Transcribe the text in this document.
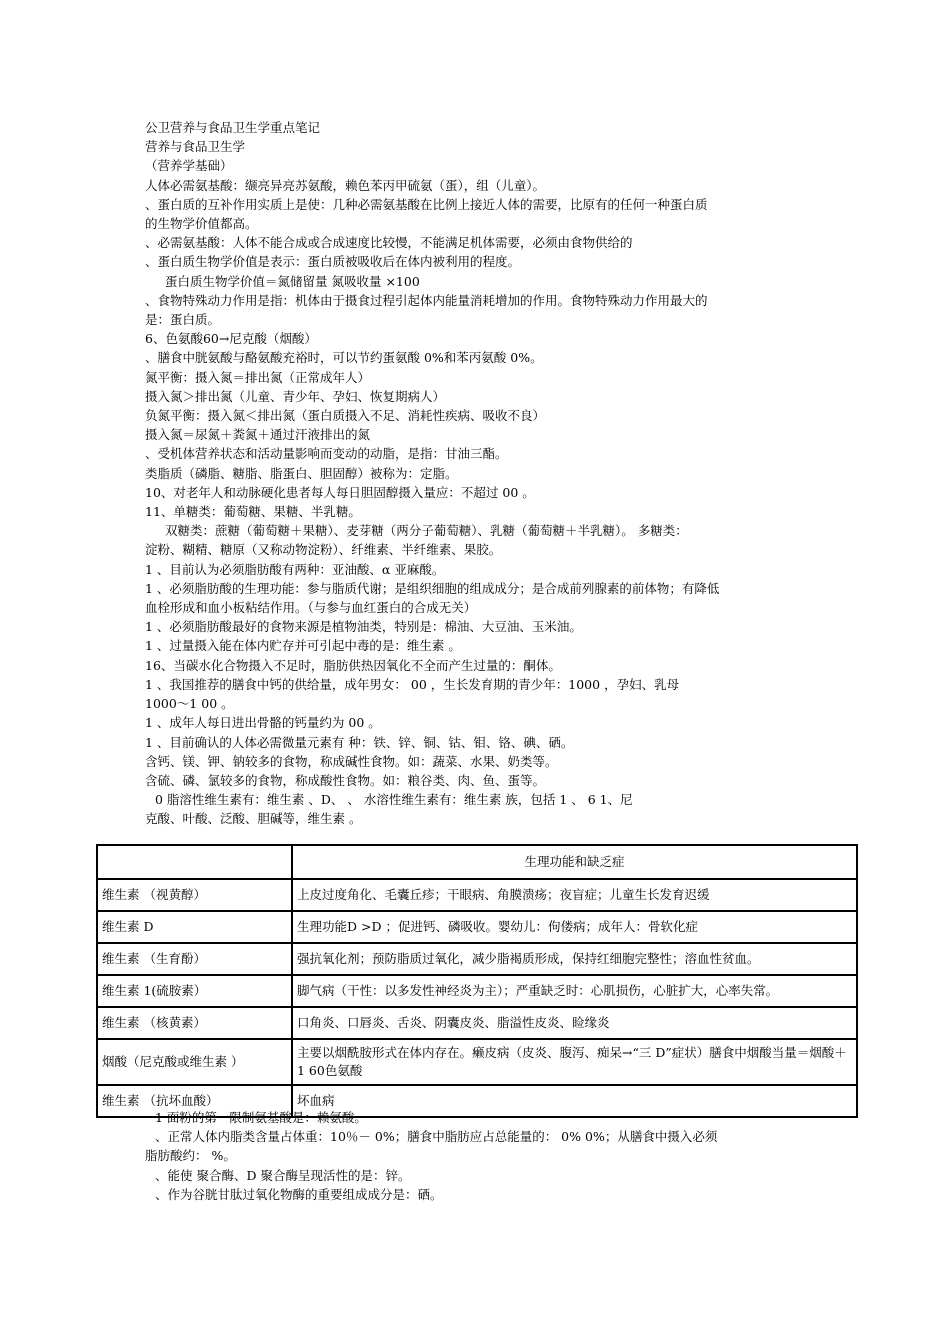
公卫营养与食品卫生学重点笔记
营养与食品卫生学
（营养学基础）
人体必需氨基酸：缬亮异亮苏氨酸，赖色苯丙甲硫氨（蛋），组（儿童）。
、蛋白质的互补作用实质上是使：几种必需氨基酸在比例上接近人体的需要，比原有的任何一种蛋白质
的生物学价值都高。
、必需氨基酸：人体不能合成或合成速度比较慢，不能满足机体需要，必须由食物供给的
、蛋白质生物学价值是表示：蛋白质被吸收后在体内被利用的程度。
蛋白质生物学价值＝氮储留量 氮吸收量 ×100
、食物特殊动力作用是指：机体由于摄食过程引起体内能量消耗增加的作用。食物特殊动力作用最大的
是：蛋白质。
6、色氨酸60→尼克酸（烟酸）
、膳食中胱氨酸与酪氨酸充裕时，可以节约蛋氨酸 0%和苯丙氨酸 0%。
氮平衡：摄入氮＝排出氮（正常成年人）
摄入氮＞排出氮（儿童、青少年、孕妇、恢复期病人）
负氮平衡：摄入氮＜排出氮（蛋白质摄入不足、消耗性疾病、吸收不良）
摄入氮＝尿氮＋粪氮＋通过汗液排出的氮
、受机体营养状态和活动量影响而变动的动脂，是指：甘油三酯。
类脂质（磷脂、糖脂、脂蛋白、胆固醇）被称为：定脂。
10、对老年人和动脉硬化患者每人每日胆固醇摄入量应：不超过 00 。
11、单糖类：葡萄糖、果糖、半乳糖。
双糖类：蔗糖（葡萄糖＋果糖）、麦芽糖（两分子葡萄糖）、乳糖（葡萄糖＋半乳糖）。 多糖类：
淀粉、糊精、糖原（又称动物淀粉）、纤维素、半纤维素、果胶。
1 、目前认为必须脂肪酸有两种：亚油酸、α 亚麻酸。
1 、必须脂肪酸的生理功能：参与脂质代谢；是组织细胞的组成成分；是合成前列腺素的前体物；有降低
血栓形成和血小板粘结作用。（与参与血红蛋白的合成无关）
1 、必须脂肪酸最好的食物来源是植物油类，特别是：棉油、大豆油、玉米油。
1 、过量摄入能在体内贮存并可引起中毒的是：维生素 。
16、当碳水化合物摄入不足时，脂肪供热因氧化不全而产生过量的：酮体。
1 、我国推荐的膳食中钙的供给量，成年男女： 00 ，生长发育期的青少年：1000 ，孕妇、乳母
1000～1 00 。
1 、成年人每日进出骨骼的钙量约为 00 。
1 、目前确认的人体必需微量元素有 种：铁、锌、铜、钴、钼、铬、碘、硒。
含钙、镁、钾、钠较多的食物，称成碱性食物。如：蔬菜、水果、奶类等。
含硫、磷、氯较多的食物，称成酸性食物。如：粮谷类、肉、鱼、蛋等。
0 脂溶性维生素有：维生素 、D、 、 水溶性维生素有：维生素 族，包括 1 、 6 1、尼
克酸、叶酸、泛酸、胆碱等，维生素 。
	生理功能和缺乏症
维生素 （视黄醇）	上皮过度角化、毛囊丘疹；干眼病、角膜溃疡；夜盲症；儿童生长发育迟缓
维生素 D	生理功能D >D ；促进钙、磷吸收。婴幼儿：佝偻病；成年人：骨软化症
维生素 （生育酚）	强抗氧化剂；预防脂质过氧化，减少脂褐质形成，保持红细胞完整性；溶血性贫血。
维生素 1(硫胺素）	脚气病（干性：以多发性神经炎为主）；严重缺乏时：心肌损伤，心脏扩大，心率失常。
维生素 （核黄素）	口角炎、口唇炎、舌炎、阴囊皮炎、脂溢性皮炎、睑缘炎
烟酸（尼克酸或维生素 ）	主要以烟酰胺形式在体内存在。癞皮病（皮炎、腹泻、痴呆→“三 D”症状）膳食中烟酸当量＝烟酸＋1 60色氨酸
维生素 （抗坏血酸）	坏血病
1 面粉的第一限制氨基酸是：赖氨酸。
、正常人体内脂类含量占体重：10％－ 0%；膳食中脂肪应占总能量的： 0% 0%；从膳食中摄入必须
脂肪酸约： %。
、能使 聚合酶、D 聚合酶呈现活性的是：锌。
、作为谷胱甘肽过氧化物酶的重要组成成分是：硒。
